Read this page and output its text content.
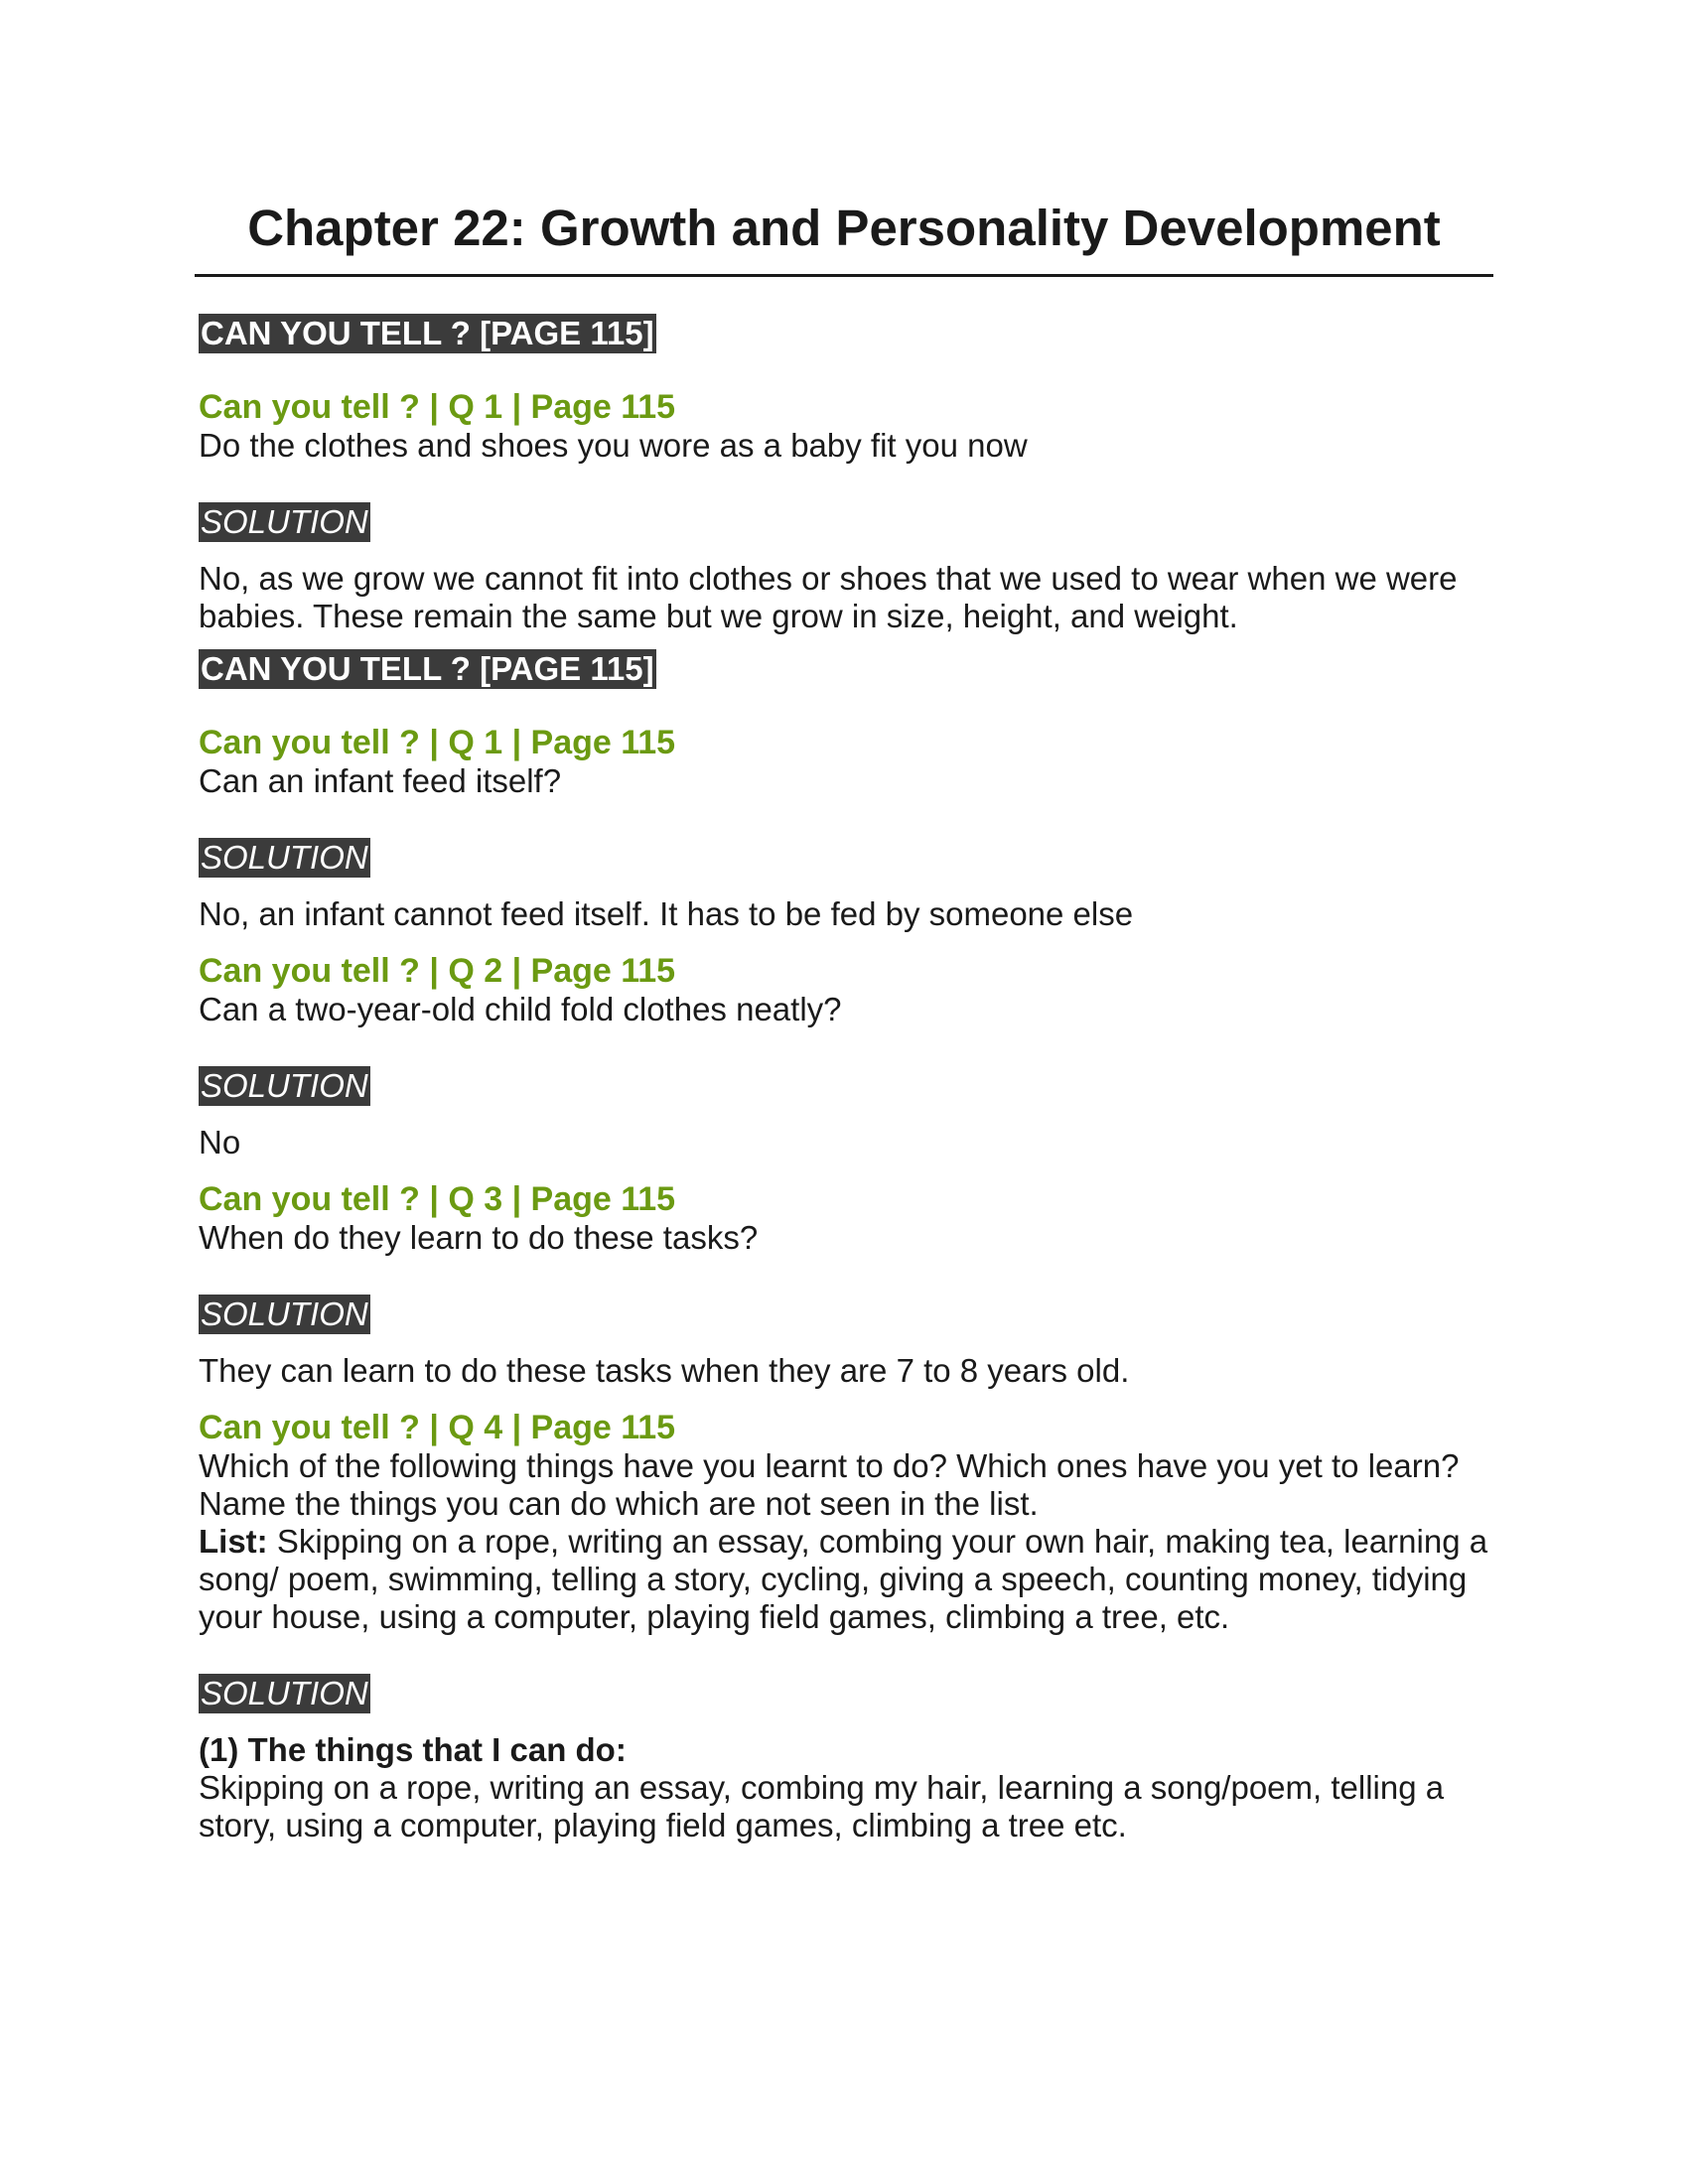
Chapter 22: Growth and Personality Development
CAN YOU TELL ? [PAGE 115]
Can you tell ? | Q 1 | Page 115
Do the clothes and shoes you wore as a baby fit you now
SOLUTION
No, as we grow we cannot fit into clothes or shoes that we used to wear when we were babies. These remain the same but we grow in size, height, and weight.
CAN YOU TELL ? [PAGE 115]
Can you tell ? | Q 1 | Page 115
Can an infant feed itself?
SOLUTION
No, an infant cannot feed itself. It has to be fed by someone else
Can you tell ? | Q 2 | Page 115
Can a two-year-old child fold clothes neatly?
SOLUTION
No
Can you tell ? | Q 3 | Page 115
When do they learn to do these tasks?
SOLUTION
They can learn to do these tasks when they are 7 to 8 years old.
Can you tell ? | Q 4 | Page 115
Which of the following things have you learnt to do? Which ones have you yet to learn? Name the things you can do which are not seen in the list.
List: Skipping on a rope, writing an essay, combing your own hair, making tea, learning a song/ poem, swimming, telling a story, cycling, giving a speech, counting money, tidying your house, using a computer, playing field games, climbing a tree, etc.
SOLUTION
(1) The things that I can do:
Skipping on a rope, writing an essay, combing my hair, learning a song/poem, telling a story, using a computer, playing field games, climbing a tree etc.
